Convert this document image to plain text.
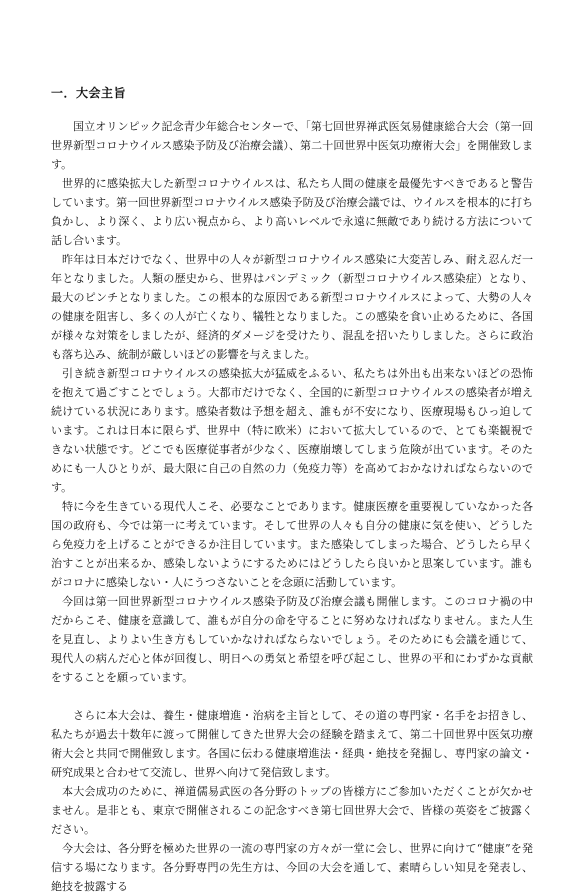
一．大会主旨

国立オリンピック記念青少年総合センターで、「第七回世界禅武医気易健康総合大会（第一回世界新型コロナウイルス感染予防及び治療会議）、第二十回世界中医気功療術大会」を開催致します。

世界的に感染拡大した新型コロナウイルスは、私たち人間の健康を最優先すべきであると警告しています。第一回世界新型コロナウイルス感染予防及び治療会議では、ウイルスを根本的に打ち負かし、より深く、より広い視点から、より高いレベルで永遠に無敵であり続ける方法について話し合います。

昨年は日本だけでなく、世界中の人々が新型コロナウイルス感染に大変苦しみ、耐え忍んだ一年となりました。人類の歴史から、世界はパンデミック（新型コロナウイルス感染症）となり、最大のピンチとなりました。この根本的な原因である新型コロナウイルスによって、大勢の人々の健康を阻害し、多くの人が亡くなり、犠牲となりました。この感染を食い止めるために、各国が様々な対策をしましたが、経済的ダメージを受けたり、混乱を招いたりしました。さらに政治も落ち込み、統制が厳しいほどの影響を与えました。

引き続き新型コロナウイルスの感染拡大が猛威をふるい、私たちは外出も出来ないほどの恐怖を抱えて過ごすことでしょう。大都市だけでなく、全国的に新型コロナウイルスの感染者が増え続けている状況にあります。感染者数は予想を超え、誰もが不安になり、医療現場もひっ迫しています。これは日本に限らず、世界中（特に欧米）において拡大しているので、とても楽観視できない状態です。どこでも医療従事者が少なく、医療崩壊してしまう危険が出ています。そのためにも一人ひとりが、最大限に自己の自然の力（免疫力等）を高めておかなければならないのです。

特に今を生きている現代人こそ、必要なことであります。健康医療を重要視していなかった各国の政府も、今では第一に考えています。そして世界の人々も自分の健康に気を使い、どうしたら免疫力を上げることができるか注目しています。また感染してしまった場合、どうしたら早く治すことが出来るか、感染しないようにするためにはどうしたら良いかと思案しています。誰もがコロナに感染しない・人にうつさないことを念頭に活動しています。

今回は第一回世界新型コロナウイルス感染予防及び治療会議も開催します。このコロナ禍の中だからこそ、健康を意識して、誰もが自分の命を守ることに努めなければなりません。また人生を見直し、よりよい生き方もしていかなければならないでしょう。そのためにも会議を通じて、現代人の病んだ心と体が回復し、明日への勇気と希望を呼び起こし、世界の平和にわずかな貢献をすることを願っています。

さらに本大会は、養生・健康増進・治病を主旨として、その道の専門家・名手をお招きし、私たちが過去十数年に渡って開催してきた世界大会の経験を踏まえて、第二十回世界中医気功療術大会と共同で開催致します。各国に伝わる健康増進法・経典・絶技を発掘し、専門家の論文・研究成果と合わせて交流し、世界へ向けて発信致します。

本大会成功のために、禅道儒易武医の各分野のトップの皆様方にご参加いただくことが欠かせません。是非とも、東京で開催されるこの記念すべき第七回世界大会で、皆様の英姿をご披露ください。

今大会は、各分野を極めた世界の一流の専門家の方々が一堂に会し、世界に向けて“健康”を発信する場になります。各分野専門の先生方は、今回の大会を通して、素晴らしい知見を発表し、絶技を披露する
